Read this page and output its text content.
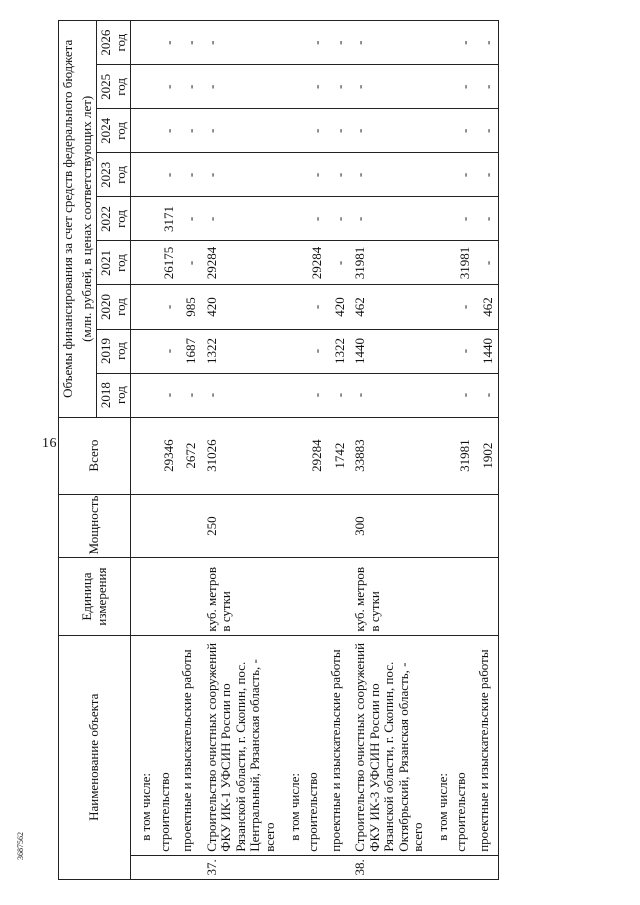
16
3687562
Наименование объекта		Единица измерения	Мощность	Всего	Объемы финансирования за счет средств федерального бюджета								
					(млн. рублей, в ценах соответствующих лет)								
					2018 год	2019 год	2020 год	2021 год	2022 год	2023 год	2024 год	2025 год	2026 год
	в том числе:												
	строительство			29346	-	-	-	26175	3171	-	-	-	-
	проектные и изыскательские работы			2672	-	1687	985	-	-	-	-	-	-
37.	Строительство очистных сооружений ФКУ ИК-1 УФСИН России по Рязанской области, г. Скопин, пос. Центральный, Рязанская область, - всего	куб. метров в сутки	250	31026	-	1322	420	29284	-	-	-	-	-
	в том числе:												
	строительство			29284	-	-	-	29284	-	-	-	-	-
	проектные и изыскательские работы			1742	-	1322	420	-	-	-	-	-	-
38.	Строительство очистных сооружений ФКУ ИК-3 УФСИН России по Рязанской области, г. Скопин, пос. Октябрьский, Рязанская область, - всего	куб. метров в сутки	300	33883	-	1440	462	31981	-	-	-	-	-
	в том числе:												
	строительство			31981	-	-	-	31981	-	-	-	-	-
	проектные и изыскательские работы			1902	-	1440	462	-	-	-	-	-	-
